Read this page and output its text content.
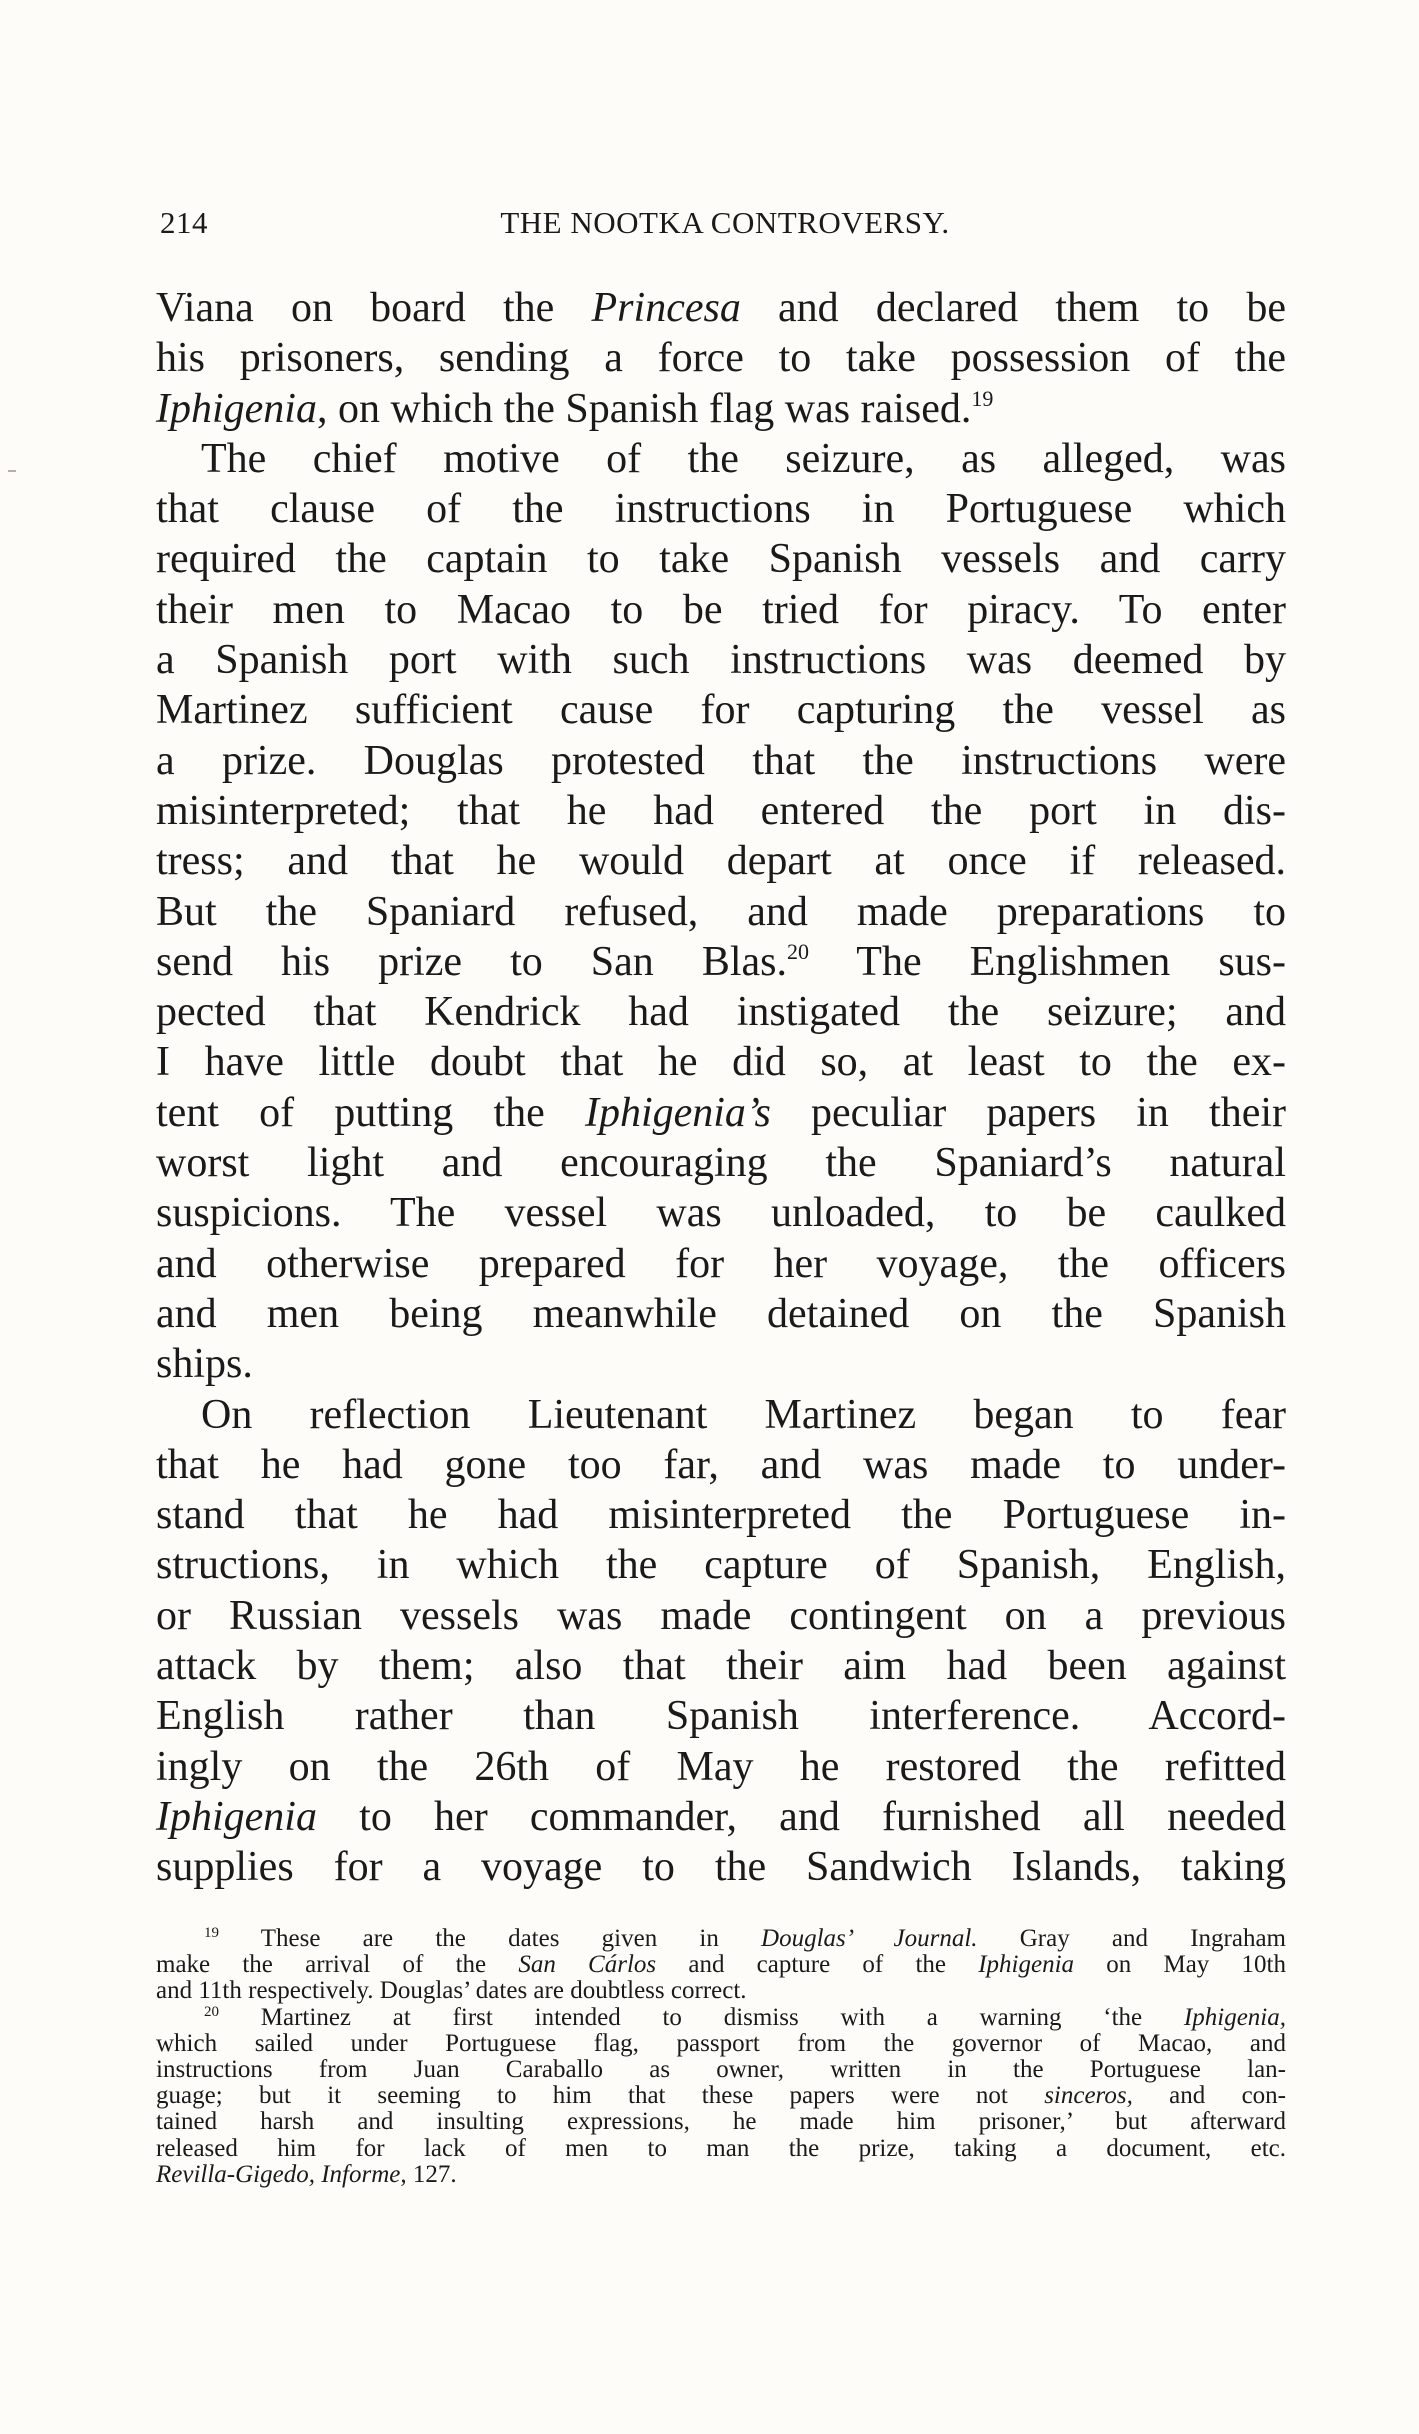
214	THE NOOTKA CONTROVERSY.
Viana on board the Princesa and declared them to be
his prisoners, sending a force to take possession of the
Iphigenia, on which the Spanish flag was raised.$^{19}$
The chief motive of the seizure, as alleged, was
that clause of the instructions in Portuguese which
required the captain to take Spanish vessels and carry
their men to Macao to be tried for piracy. To enter
a Spanish port with such instructions was deemed by
Martinez sufficient cause for capturing the vessel as
a prize. Douglas protested that the instructions were
misinterpreted; that he had entered the port in dis-
tress; and that he would depart at once if released.
But the Spaniard refused, and made preparations to
send his prize to San Blas.$^{20}$ The Englishmen sus-
pected that Kendrick had instigated the seizure; and
I have little doubt that he did so, at least to the ex-
tent of putting the Iphigenia’s peculiar papers in their
worst light and encouraging the Spaniard’s natural
suspicions. The vessel was unloaded, to be caulked
and otherwise prepared for her voyage, the officers
and men being meanwhile detained on the Spanish
ships.
On reflection Lieutenant Martinez began to fear
that he had gone too far, and was made to under-
stand that he had misinterpreted the Portuguese in-
structions, in which the capture of Spanish, English,
or Russian vessels was made contingent on a previous
attack by them; also that their aim had been against
English rather than Spanish interference. Accord-
ingly on the 26th of May he restored the refitted
Iphigenia to her commander, and furnished all needed
supplies for a voyage to the Sandwich Islands, taking
$^{19}$ These are the dates given in Douglas’ Journal. Gray and Ingraham
make the arrival of the San Cárlos and capture of the Iphigenia on May 10th
and 11th respectively. Douglas’ dates are doubtless correct.
$^{20}$ Martinez at first intended to dismiss with a warning ‘the Iphigenia,
which sailed under Portuguese flag, passport from the governor of Macao, and
instructions from Juan Caraballo as owner, written in the Portuguese lan-
guage; but it seeming to him that these papers were not sinceros, and con-
tained harsh and insulting expressions, he made him prisoner,’ but afterward
released him for lack of men to man the prize, taking a document, etc.
Revilla-Gigedo, Informe, 127.
